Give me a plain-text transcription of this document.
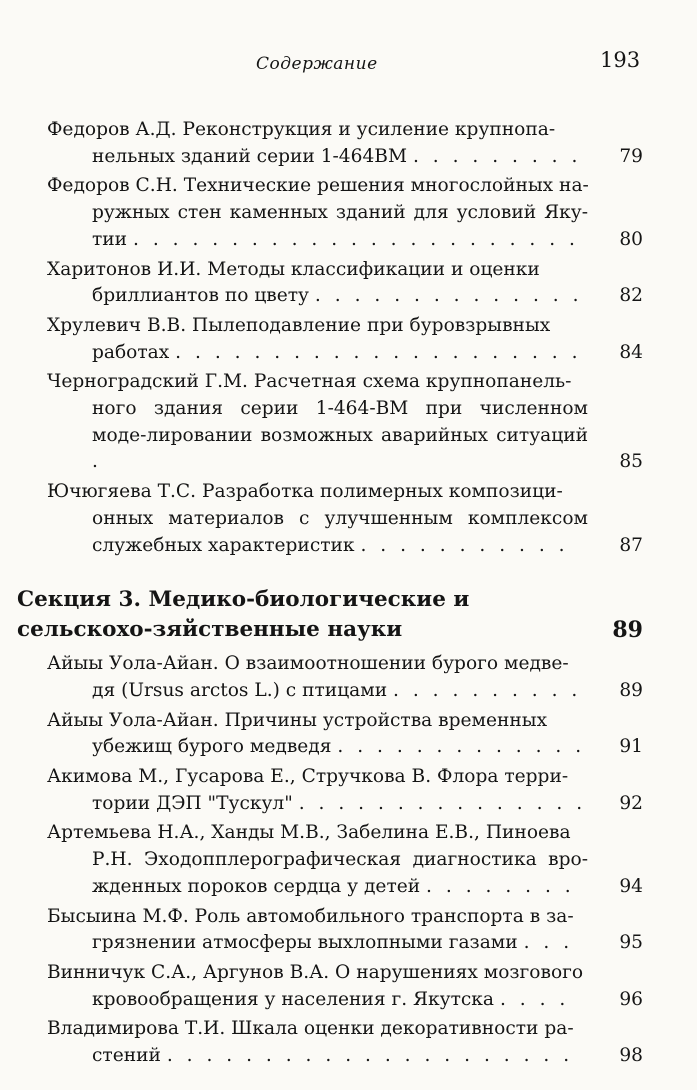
Содержание	193
Федоров А.Д. Реконструкция и усиление крупнопа-
нельных зданий серии 1-464ВМ . . . . . . . . .	79
Федоров С.Н. Технические решения многослойных на-
ружных стен каменных зданий для условий Яку-тии . . . . . . . . . . . . . . . . . . . . . . .	80
Харитонов И.И. Методы классификации и оценки
бриллиантов по цвету . . . . . . . . . . . . . .	82
Хрулевич В.В. Пылеподавление при буровзрывных
работах . . . . . . . . . . . . . . . . . . . . .	84
Черноградский Г.М. Расчетная схема крупнопанель-
ного здания серии 1-464-ВМ при численном моде-лировании возможных аварийных ситуаций .	85
Ючюгяева Т.С. Разработка полимерных композици-
онных материалов с улучшенным комплексом служебных характеристик . . . . . . . . . . .	87
Секция 3. Медико-биологические и сельскохо-зяйственные науки	89
Айыы Уола-Айан. О взаимоотношении бурого медве-
дя (Ursus arctos L.) с птицами . . . . . . . . . .	89
Айыы Уола-Айан. Причины устройства временных
убежищ бурого медведя . . . . . . . . . . . . .	91
Акимова М., Гусарова Е., Стручкова В. Флора терри-
тории ДЭП "Тускул" . . . . . . . . . . . . . . .	92
Артемьева Н.А., Ханды М.В., Забелина Е.В., Пиноева
Р.Н. Эходопплерографическая диагностика вро-жденных пороков сердца у детей . . . . . . . .	94
Бысыина М.Ф. Роль автомобильного транспорта в за-
грязнении атмосферы выхлопными газами . . .	95
Винничук С.А., Аргунов В.А. О нарушениях мозгового
кровообращения у населения г. Якутска . . . .	96
Владимирова Т.И. Шкала оценки декоративности ра-
стений . . . . . . . . . . . . . . . . . . . . .	98
